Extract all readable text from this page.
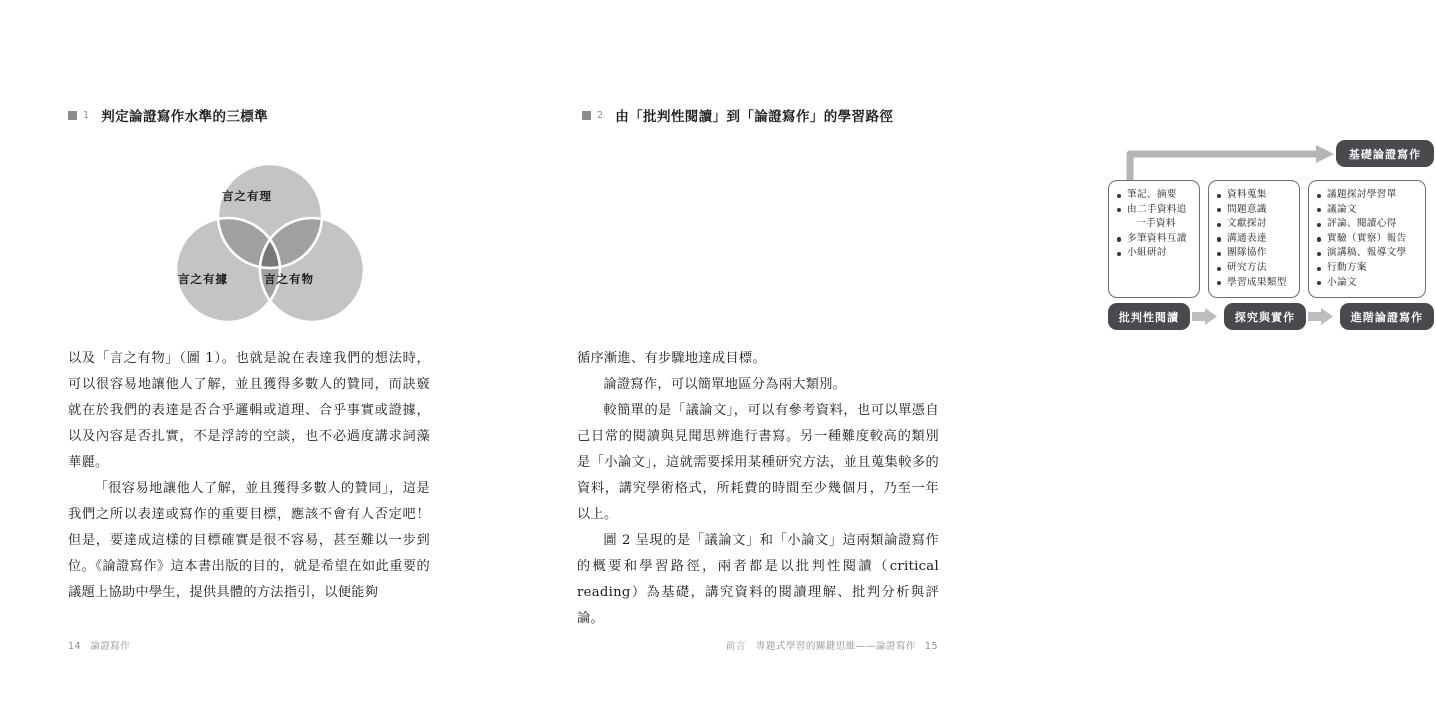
1 判定論證寫作水準的三標準
言之有理
言之有據	言之有物

以及「言之有物」（圖 1）。也就是說在表達我們的想法時，可以很容易地讓他人了解，並且獲得多數人的贊同，而訣竅就在於我們的表達是否合乎邏輯或道理、合乎事實或證據，以及內容是否扎實，不是浮誇的空談，也不必過度講求詞藻華麗。

「很容易地讓他人了解，並且獲得多數人的贊同」，這是我們之所以表達或寫作的重要目標，應該不會有人否定吧！但是，要達成這樣的目標確實是很不容易，甚至難以一步到位。《論證寫作》這本書出版的目的，就是希望在如此重要的議題上協助中學生，提供具體的方法指引，以便能夠

14 論證寫作
2 由「批判性閱讀」到「論證寫作」的學習路徑
基礎論證寫作
筆記、摘要
由二手資料追
一手資料
多筆資料互讀
小組研討
資料蒐集
問題意識
文獻探討
溝通表達
團隊協作
研究方法
學習成果類型
議題探討學習單
議論文
評論、閱讀心得
實驗（實察）報告
演講稿、報導文學
行動方案
小論文
批判性閱讀	探究與實作	進階論證寫作

循序漸進、有步驟地達成目標。

論證寫作，可以簡單地區分為兩大類別。

較簡單的是「議論文」，可以有參考資料，也可以單憑自己日常的閱讀與見聞思辨進行書寫。另一種難度較高的類別是「小論文」，這就需要採用某種研究方法，並且蒐集較多的資料，講究學術格式，所耗費的時間至少幾個月，乃至一年以上。

圖 2 呈現的是「議論文」和「小論文」這兩類論證寫作的概要和學習路徑，兩者都是以批判性閱讀（critical reading）為基礎，講究資料的閱讀理解、批判分析與評論。

前言　專題式學習的關鍵思維——論證寫作 15
